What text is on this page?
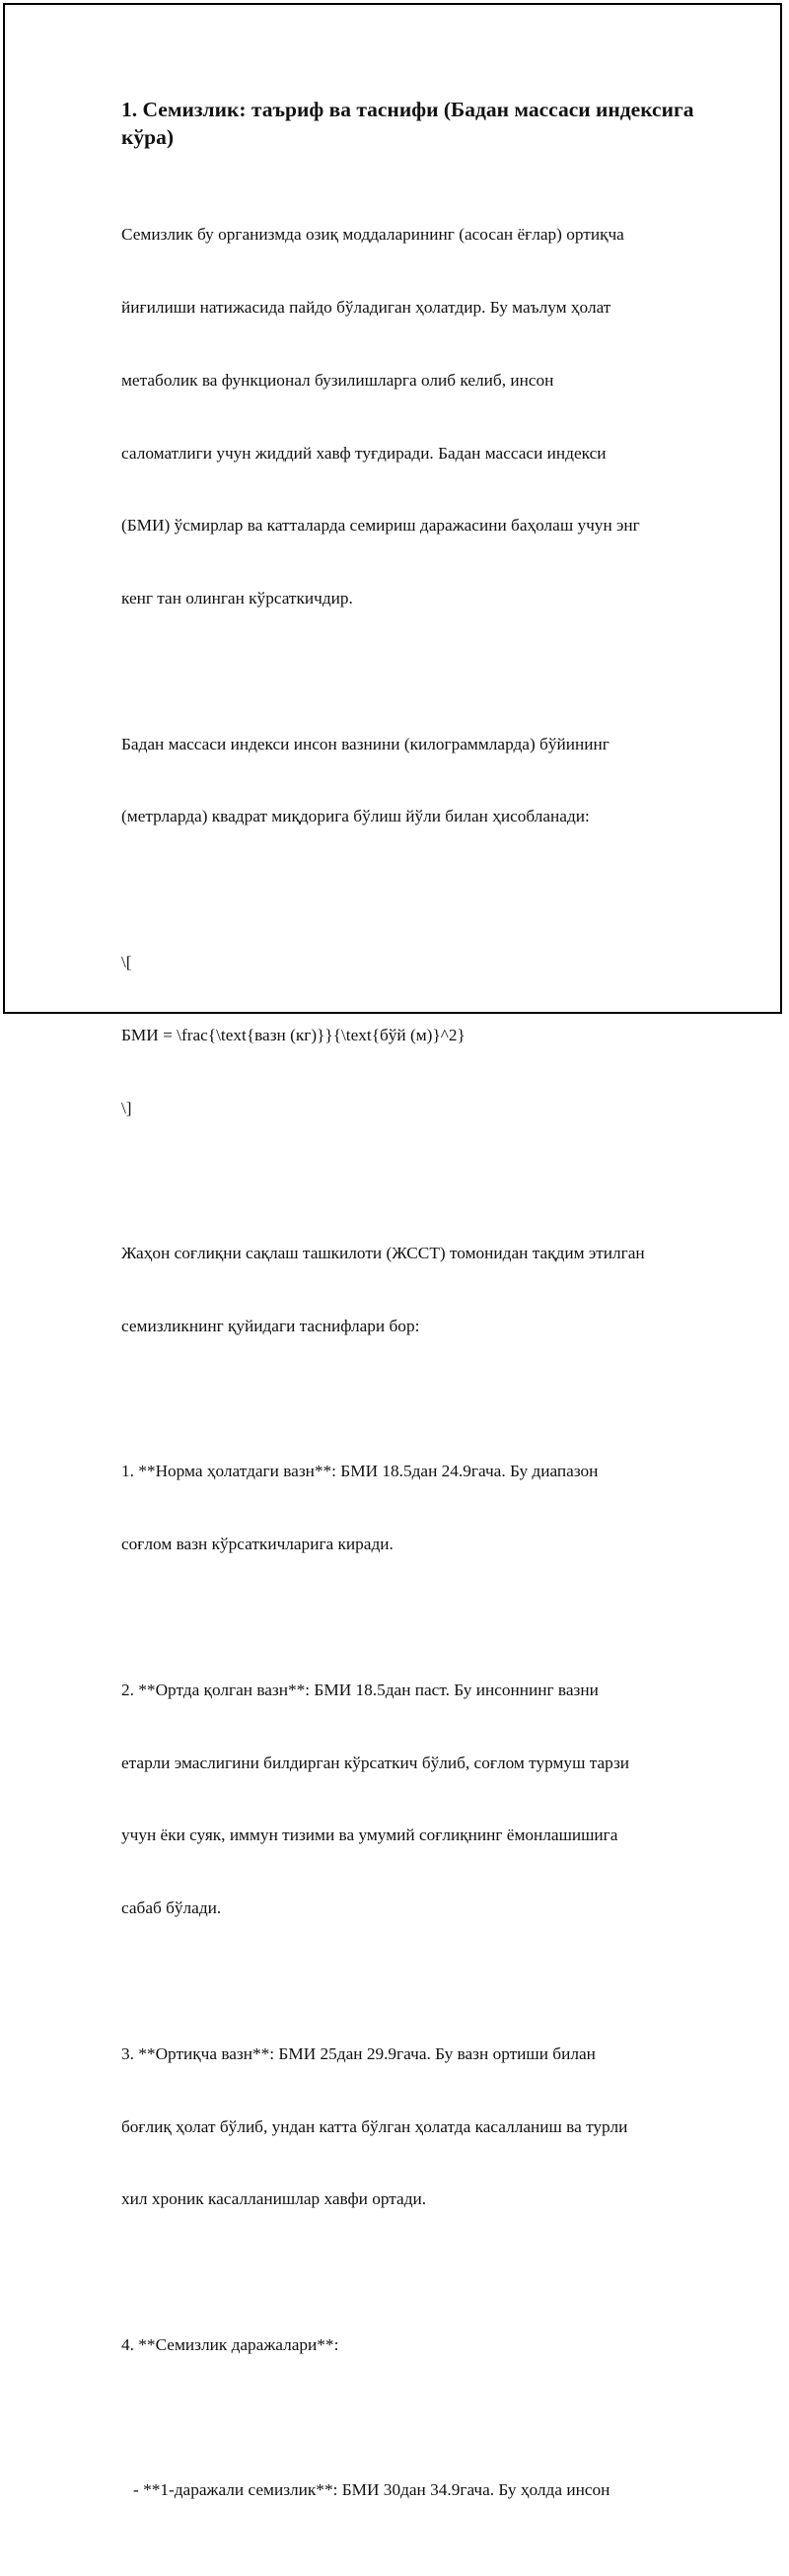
1. Семизлик: таъриф ва таснифи (Бадан массаси индексига
кўра)

Семизлик бу организмда озиқ моддаларининг (асосан ёғлар) ортиқча

йиғилиши натижасида пайдо бўладиган ҳолатдир. Бу маълум ҳолат

метаболик ва функционал бузилишларга олиб келиб, инсон

саломатлиги учун жиддий хавф туғдиради. Бадан массаси индекси

(БМИ) ўсмирлар ва катталарда семириш даражасини баҳолаш учун энг

кенг тан олинган кўрсаткичдир.

Бадан массаси индекси инсон вазнини (килограммларда) бўйининг

(метрларда) квадрат миқдорига бўлиш йўли билан ҳисобланади:

\[

БМИ = \frac{\text{вазн (кг)}}{\text{бўй (м)}^2}

\]

Жаҳон соғлиқни сақлаш ташкилоти (ЖССТ) томонидан тақдим этилган

семизликнинг қуйидаги таснифлари бор:

1. **Норма ҳолатдаги вазн**: БМИ 18.5дан 24.9гача. Бу диапазон

соғлом вазн кўрсаткичларига киради.

2. **Ортда қолган вазн**: БМИ 18.5дан паст. Бу инсоннинг вазни

етарли эмаслигини билдирган кўрсаткич бўлиб, соғлом турмуш тарзи

учун ёки суяк, иммун тизими ва умумий соғлиқнинг ёмонлашишига

сабаб бўлади.

3. **Ортиқча вазн**: БМИ 25дан 29.9гача. Бу вазн ортиши билан

боғлиқ ҳолат бўлиб, ундан катта бўлган ҳолатда касалланиш ва турли

хил хроник касалланишлар хавфи ортади.

4. **Семизлик даражалари**:

- **1-даражали семизлик**: БМИ 30дан 34.9гача. Бу ҳолда инсон
